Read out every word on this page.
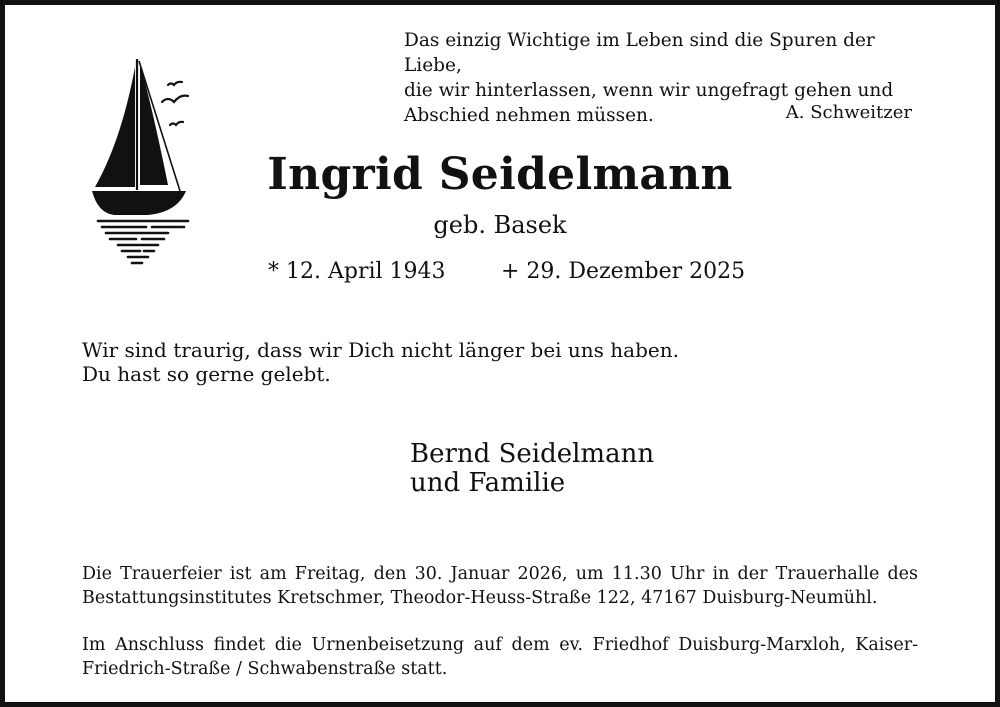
Das einzig Wichtige im Leben sind die Spuren der Liebe,
die wir hinterlassen, wenn wir ungefragt gehen und
Abschied nehmen müssen.	A. Schweitzer
Ingrid Seidelmann
geb. Basek
* 12. April 1943	+ 29. Dezember 2025
Wir sind traurig, dass wir Dich nicht länger bei uns haben.
Du hast so gerne gelebt.
Bernd Seidelmann
und Familie
Die Trauerfeier ist am Freitag, den 30. Januar 2026, um 11.30 Uhr in der Trauerhalle des
Bestattungsinstitutes Kretschmer, Theodor-Heuss-Straße 122, 47167 Duisburg-Neumühl.
Im Anschluss findet die Urnenbeisetzung auf dem ev. Friedhof Duisburg-Marxloh, Kaiser-
Friedrich-Straße / Schwabenstraße statt.
